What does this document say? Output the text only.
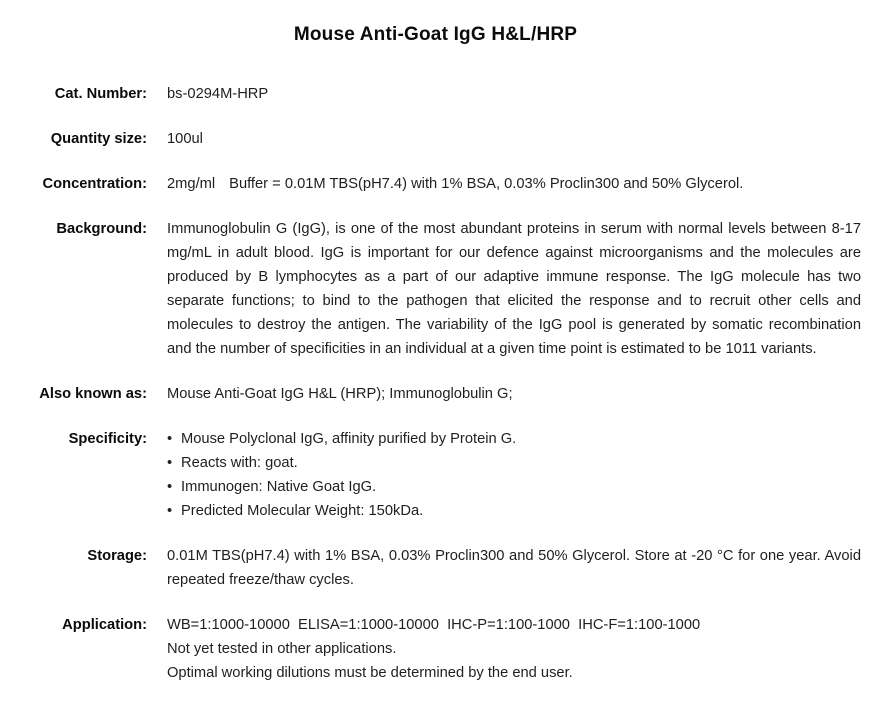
Mouse Anti-Goat IgG H&L/HRP
Cat. Number: bs-0294M-HRP
Quantity size: 100ul
Concentration: 2mg/ml Buffer = 0.01M TBS(pH7.4) with 1% BSA, 0.03% Proclin300 and 50% Glycerol.
Background: Immunoglobulin G (IgG), is one of the most abundant proteins in serum with normal levels between 8-17 mg/mL in adult blood. IgG is important for our defence against microorganisms and the molecules are produced by B lymphocytes as a part of our adaptive immune response. The IgG molecule has two separate functions; to bind to the pathogen that elicited the response and to recruit other cells and molecules to destroy the antigen. The variability of the IgG pool is generated by somatic recombination and the number of specificities in an individual at a given time point is estimated to be 1011 variants.
Also known as: Mouse Anti-Goat IgG H&L (HRP); Immunoglobulin G;
Specificity: • Mouse Polyclonal IgG, affinity purified by Protein G.
• Reacts with: goat.
• Immunogen: Native Goat IgG.
• Predicted Molecular Weight: 150kDa.
Storage: 0.01M TBS(pH7.4) with 1% BSA, 0.03% Proclin300 and 50% Glycerol. Store at -20 °C for one year. Avoid repeated freeze/thaw cycles.
Application: WB=1:1000-10000  ELISA=1:1000-10000  IHC-P=1:100-1000  IHC-F=1:100-1000
Not yet tested in other applications.
Optimal working dilutions must be determined by the end user.
